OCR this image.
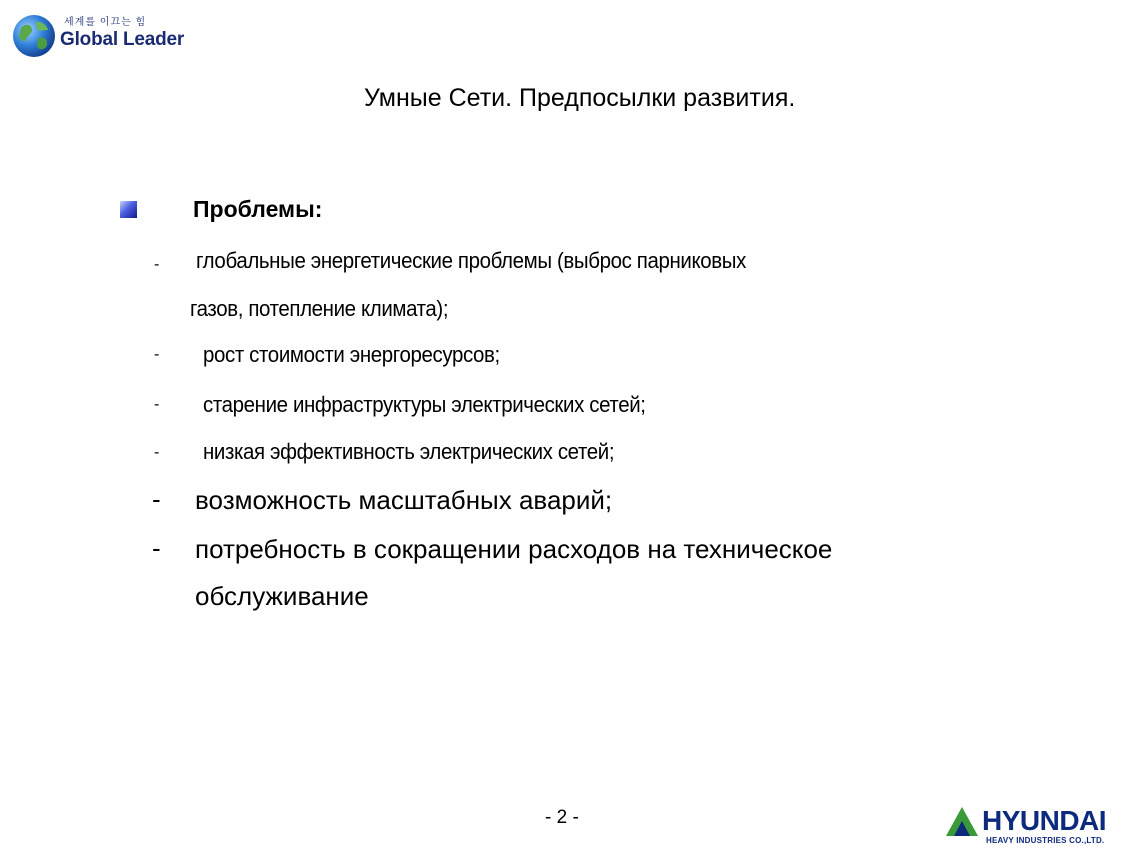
세계를 이끄는 힘
Global Leader
Умные Сети. Предпосылки развития.
Проблемы:
- глобальные энергетические проблемы (выброс парниковых
газов, потепление климата);
- рост стоимости энергоресурсов;
- старение инфраструктуры электрических сетей;
- низкая эффективность электрических сетей;
- возможность масштабных аварий;
- потребность в сокращении расходов на техническое
обслуживание
- 2 -	HYUNDAI
HEAVY INDUSTRIES CO.,LTD.
